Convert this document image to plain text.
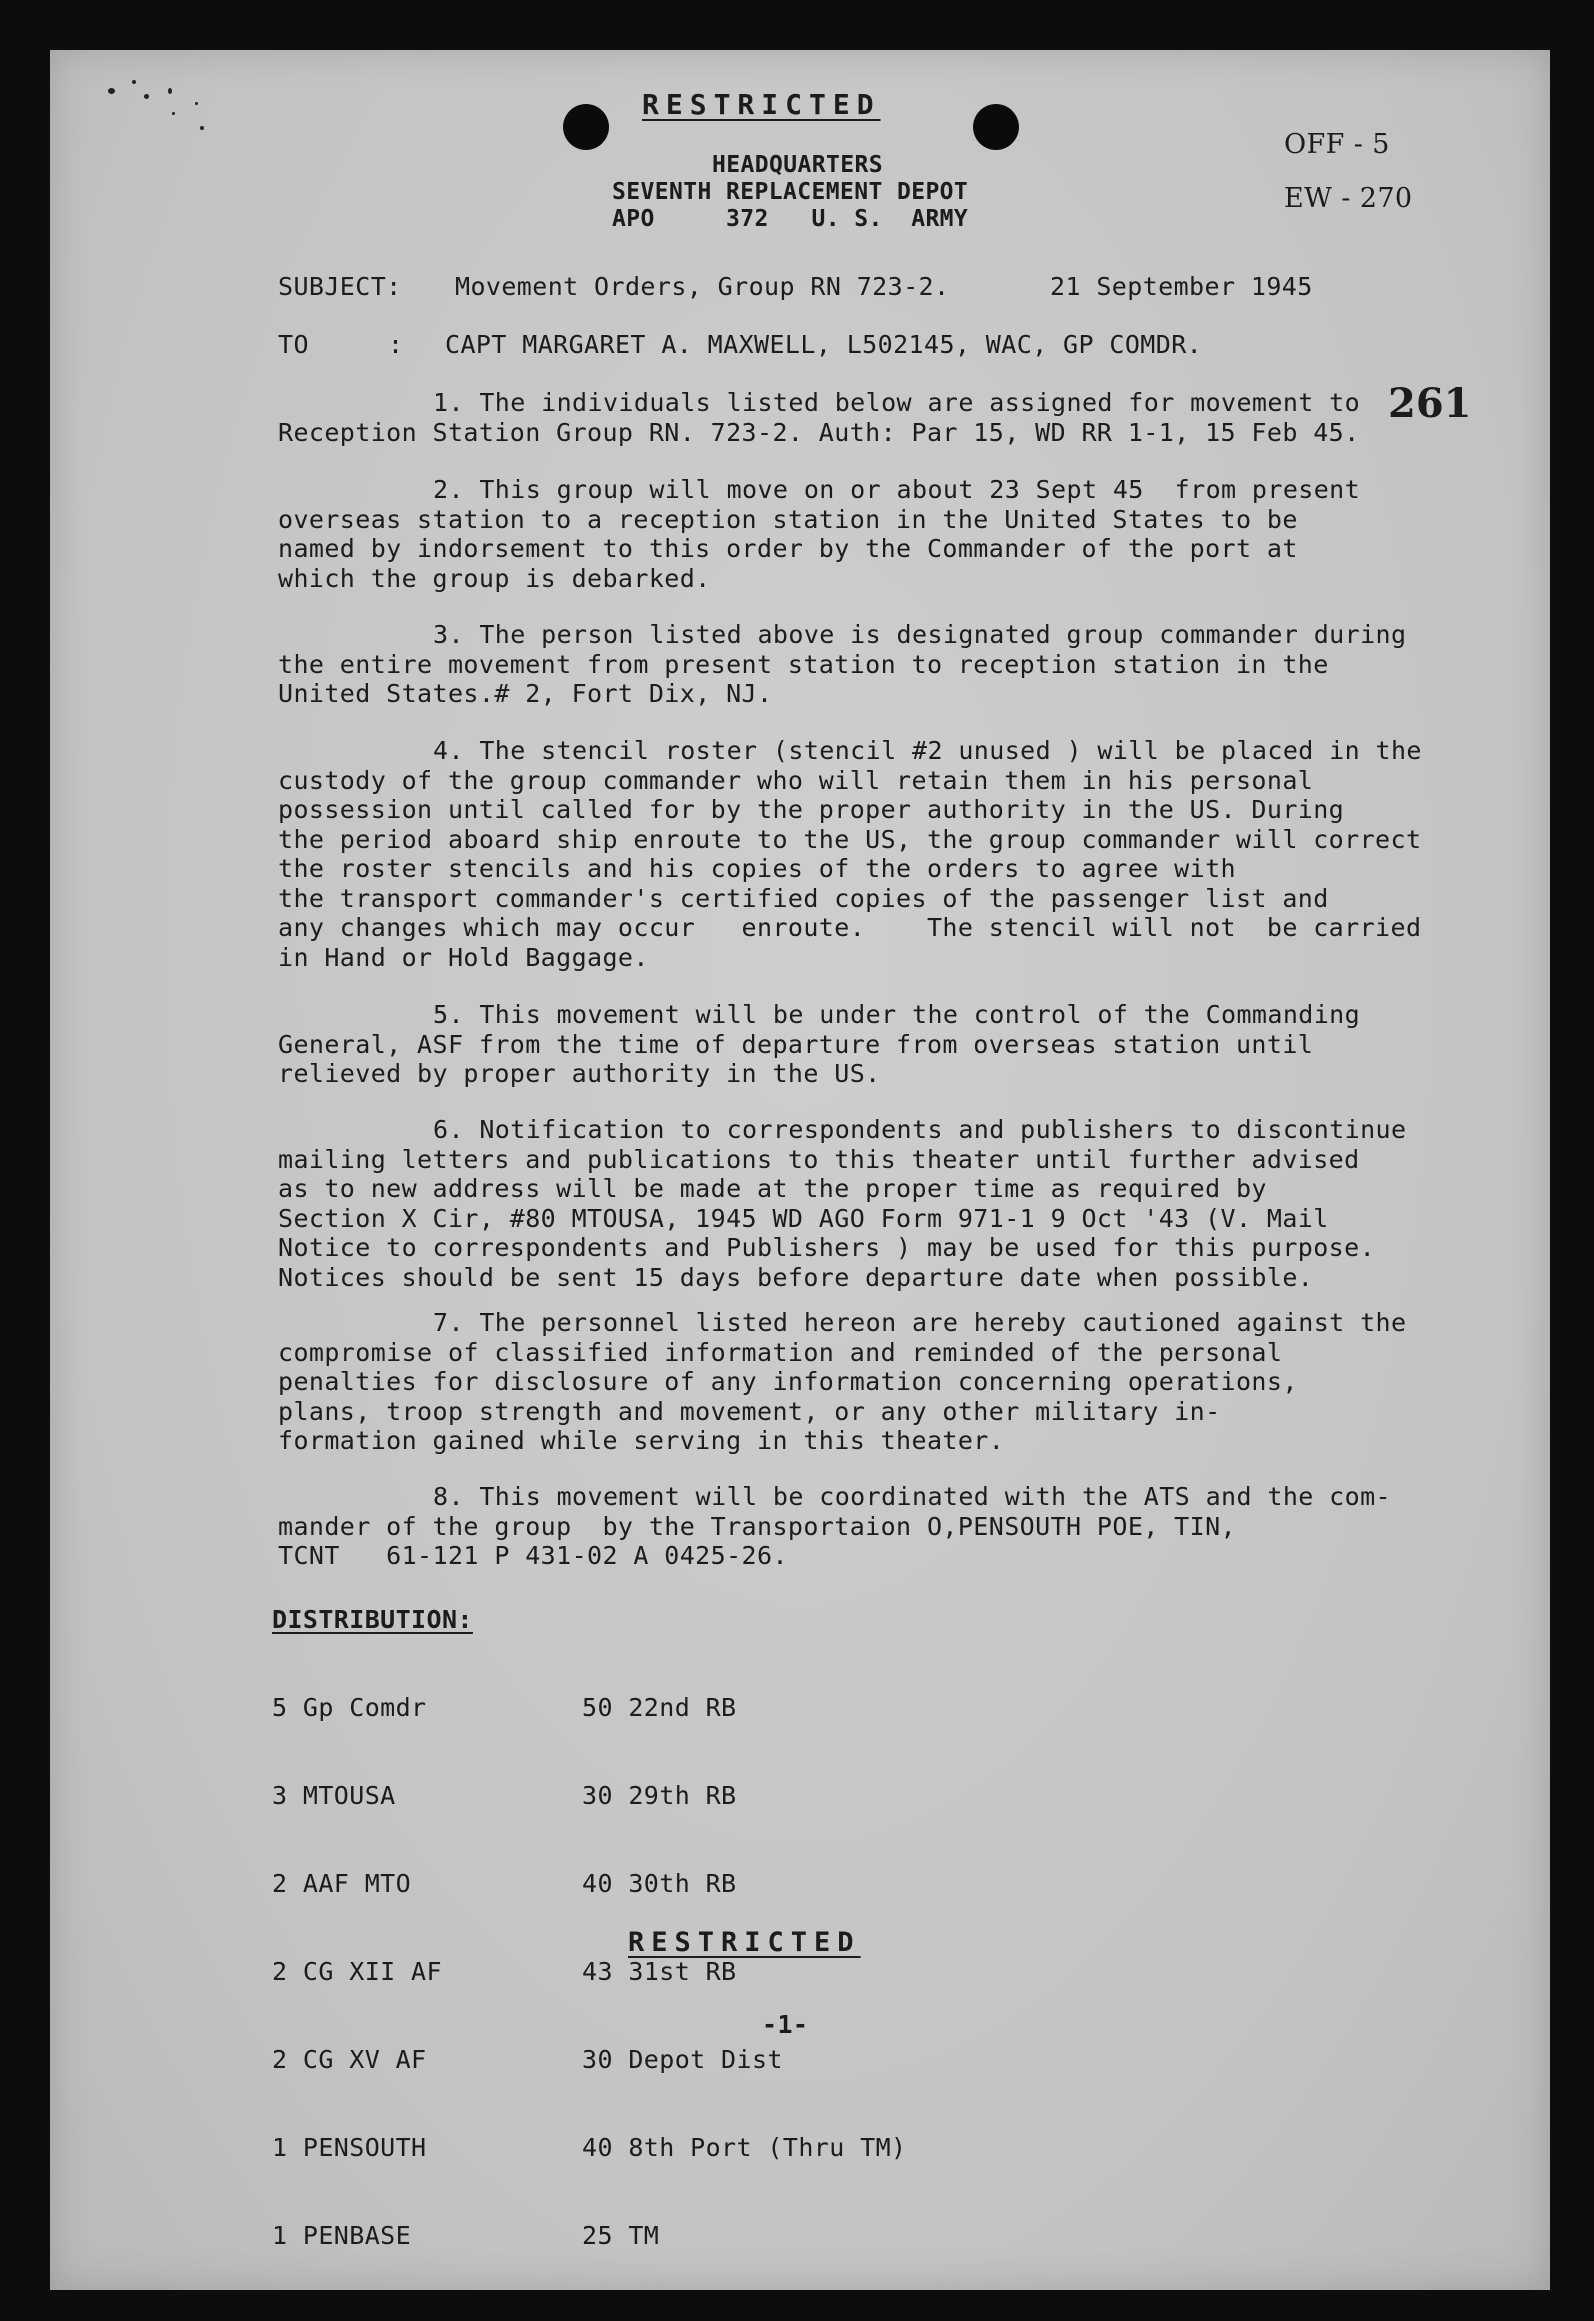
RESTRICTED
HEADQUARTERS
SEVENTH REPLACEMENT DEPOT
APO     372   U. S.  ARMY
OFF - 5
EW - 270
SUBJECT: Movement Orders, Group RN 723-2.	21 September 1945
TO	: CAPT MARGARET A. MAXWELL, L502145, WAC, GP COMDR.
261
1. The individuals listed below are assigned for movement to
Reception Station Group RN. 723-2. Auth: Par 15, WD RR 1-1, 15 Feb 45.
2. This group will move on or about 23 Sept 45  from present
overseas station to a reception station in the United States to be
named by indorsement to this order by the Commander of the port at
which the group is debarked.
3. The person listed above is designated group commander during
the entire movement from present station to reception station in the
United States.# 2, Fort Dix, NJ.
4. The stencil roster (stencil #2 unused ) will be placed in the
custody of the group commander who will retain them in his personal
possession until called for by the proper authority in the US. During
the period aboard ship enroute to the US, the group commander will correct
the roster stencils and his copies of the orders to agree with
the transport commander's certified copies of the passenger list and
any changes which may occur   enroute.    The stencil will not  be carried
in Hand or Hold Baggage.
5. This movement will be under the control of the Commanding
General, ASF from the time of departure from overseas station until
relieved by proper authority in the US.
6. Notification to correspondents and publishers to discontinue
mailing letters and publications to this theater until further advised
as to new address will be made at the proper time as required by
Section X Cir, #80 MTOUSA, 1945 WD AGO Form 971-1 9 Oct '43 (V. Mail
Notice to correspondents and Publishers ) may be used for this purpose.
Notices should be sent 15 days before departure date when possible.
7. The personnel listed hereon are hereby cautioned against the
compromise of classified information and reminded of the personal
penalties for disclosure of any information concerning operations,
plans, troop strength and movement, or any other military in-
formation gained while serving in this theater.
8. This movement will be coordinated with the ATS and the com-
mander of the group  by the Transportaion O,PENSOUTH POE, TIN,
TCNT   61-121 P 431-02 A 0425-26.
DISTRIBUTION:

5 Gp Comdr	50 22nd RB

3 MTOUSA	30 29th RB

2 AAF MTO	40 30th RB

2 CG XII AF	43 31st RB

2 CG XV AF	30 Depot Dist

1 PENSOUTH	40 8th Port (Thru TM)

1 PENBASE	25 TM

RESTRICTED
-1-
